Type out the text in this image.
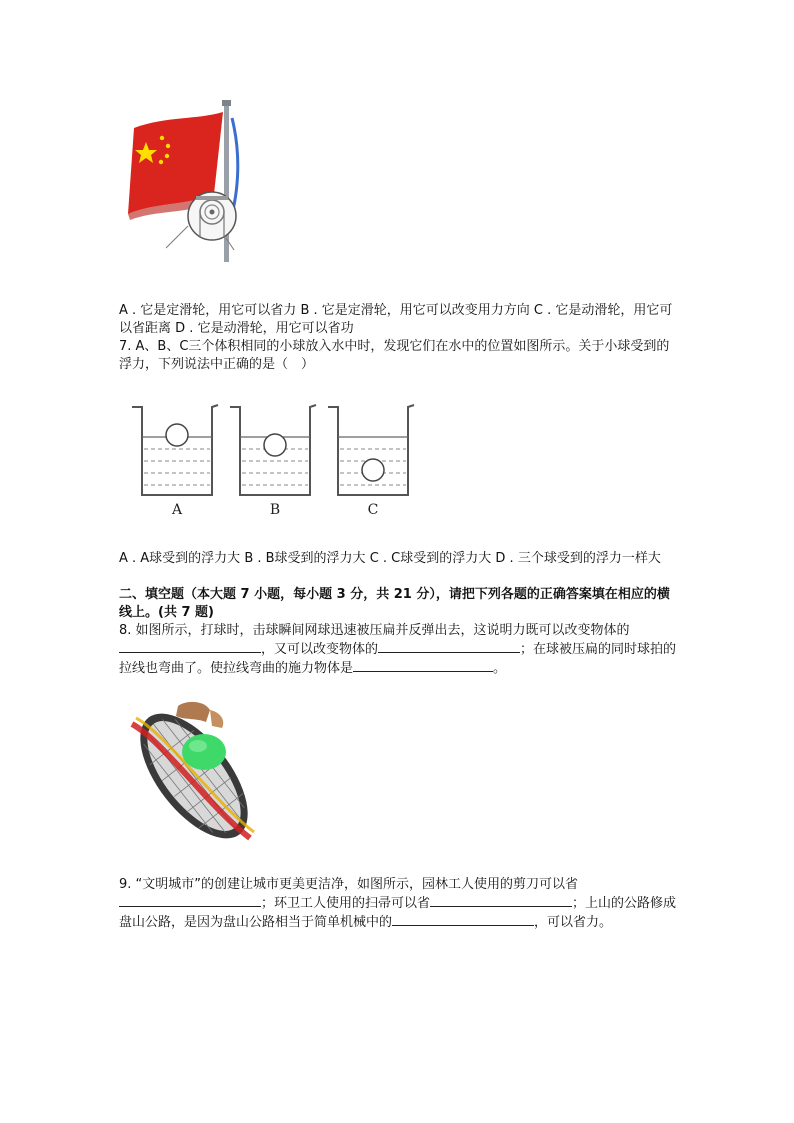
A . 它是定滑轮，用它可以省力 B . 它是定滑轮，用它可以改变用力方向 C . 它是动滑轮，用它可以省距离 D . 它是动滑轮，用它可以省功
7. A、B、C三个体积相同的小球放入水中时，发现它们在水中的位置如图所示。关于小球受到的浮力，下列说法中正确的是（　）
A	B	C
A . A球受到的浮力大 B . B球受到的浮力大 C . C球受到的浮力大 D . 三个球受到的浮力一样大
二、填空题（本大题 7 小题，每小题 3 分，共 21 分），请把下列各题的正确答案填在相应的横线上。(共 7 题)
8. 如图所示，打球时，击球瞬间网球迅速被压扁并反弹出去，这说明力既可以改变物体的，又可以改变物体的	；在球被压扁的同时球拍的拉线也弯曲了。使拉线弯曲的施力物体是	。
9. “文明城市”的创建让城市更美更洁净，如图所示，园林工人使用的剪刀可以省；环卫工人使用的扫帚可以省	；上山的公路修成盘山公路，是因为盘山公路相当于简单机械中的	，可以省力。
